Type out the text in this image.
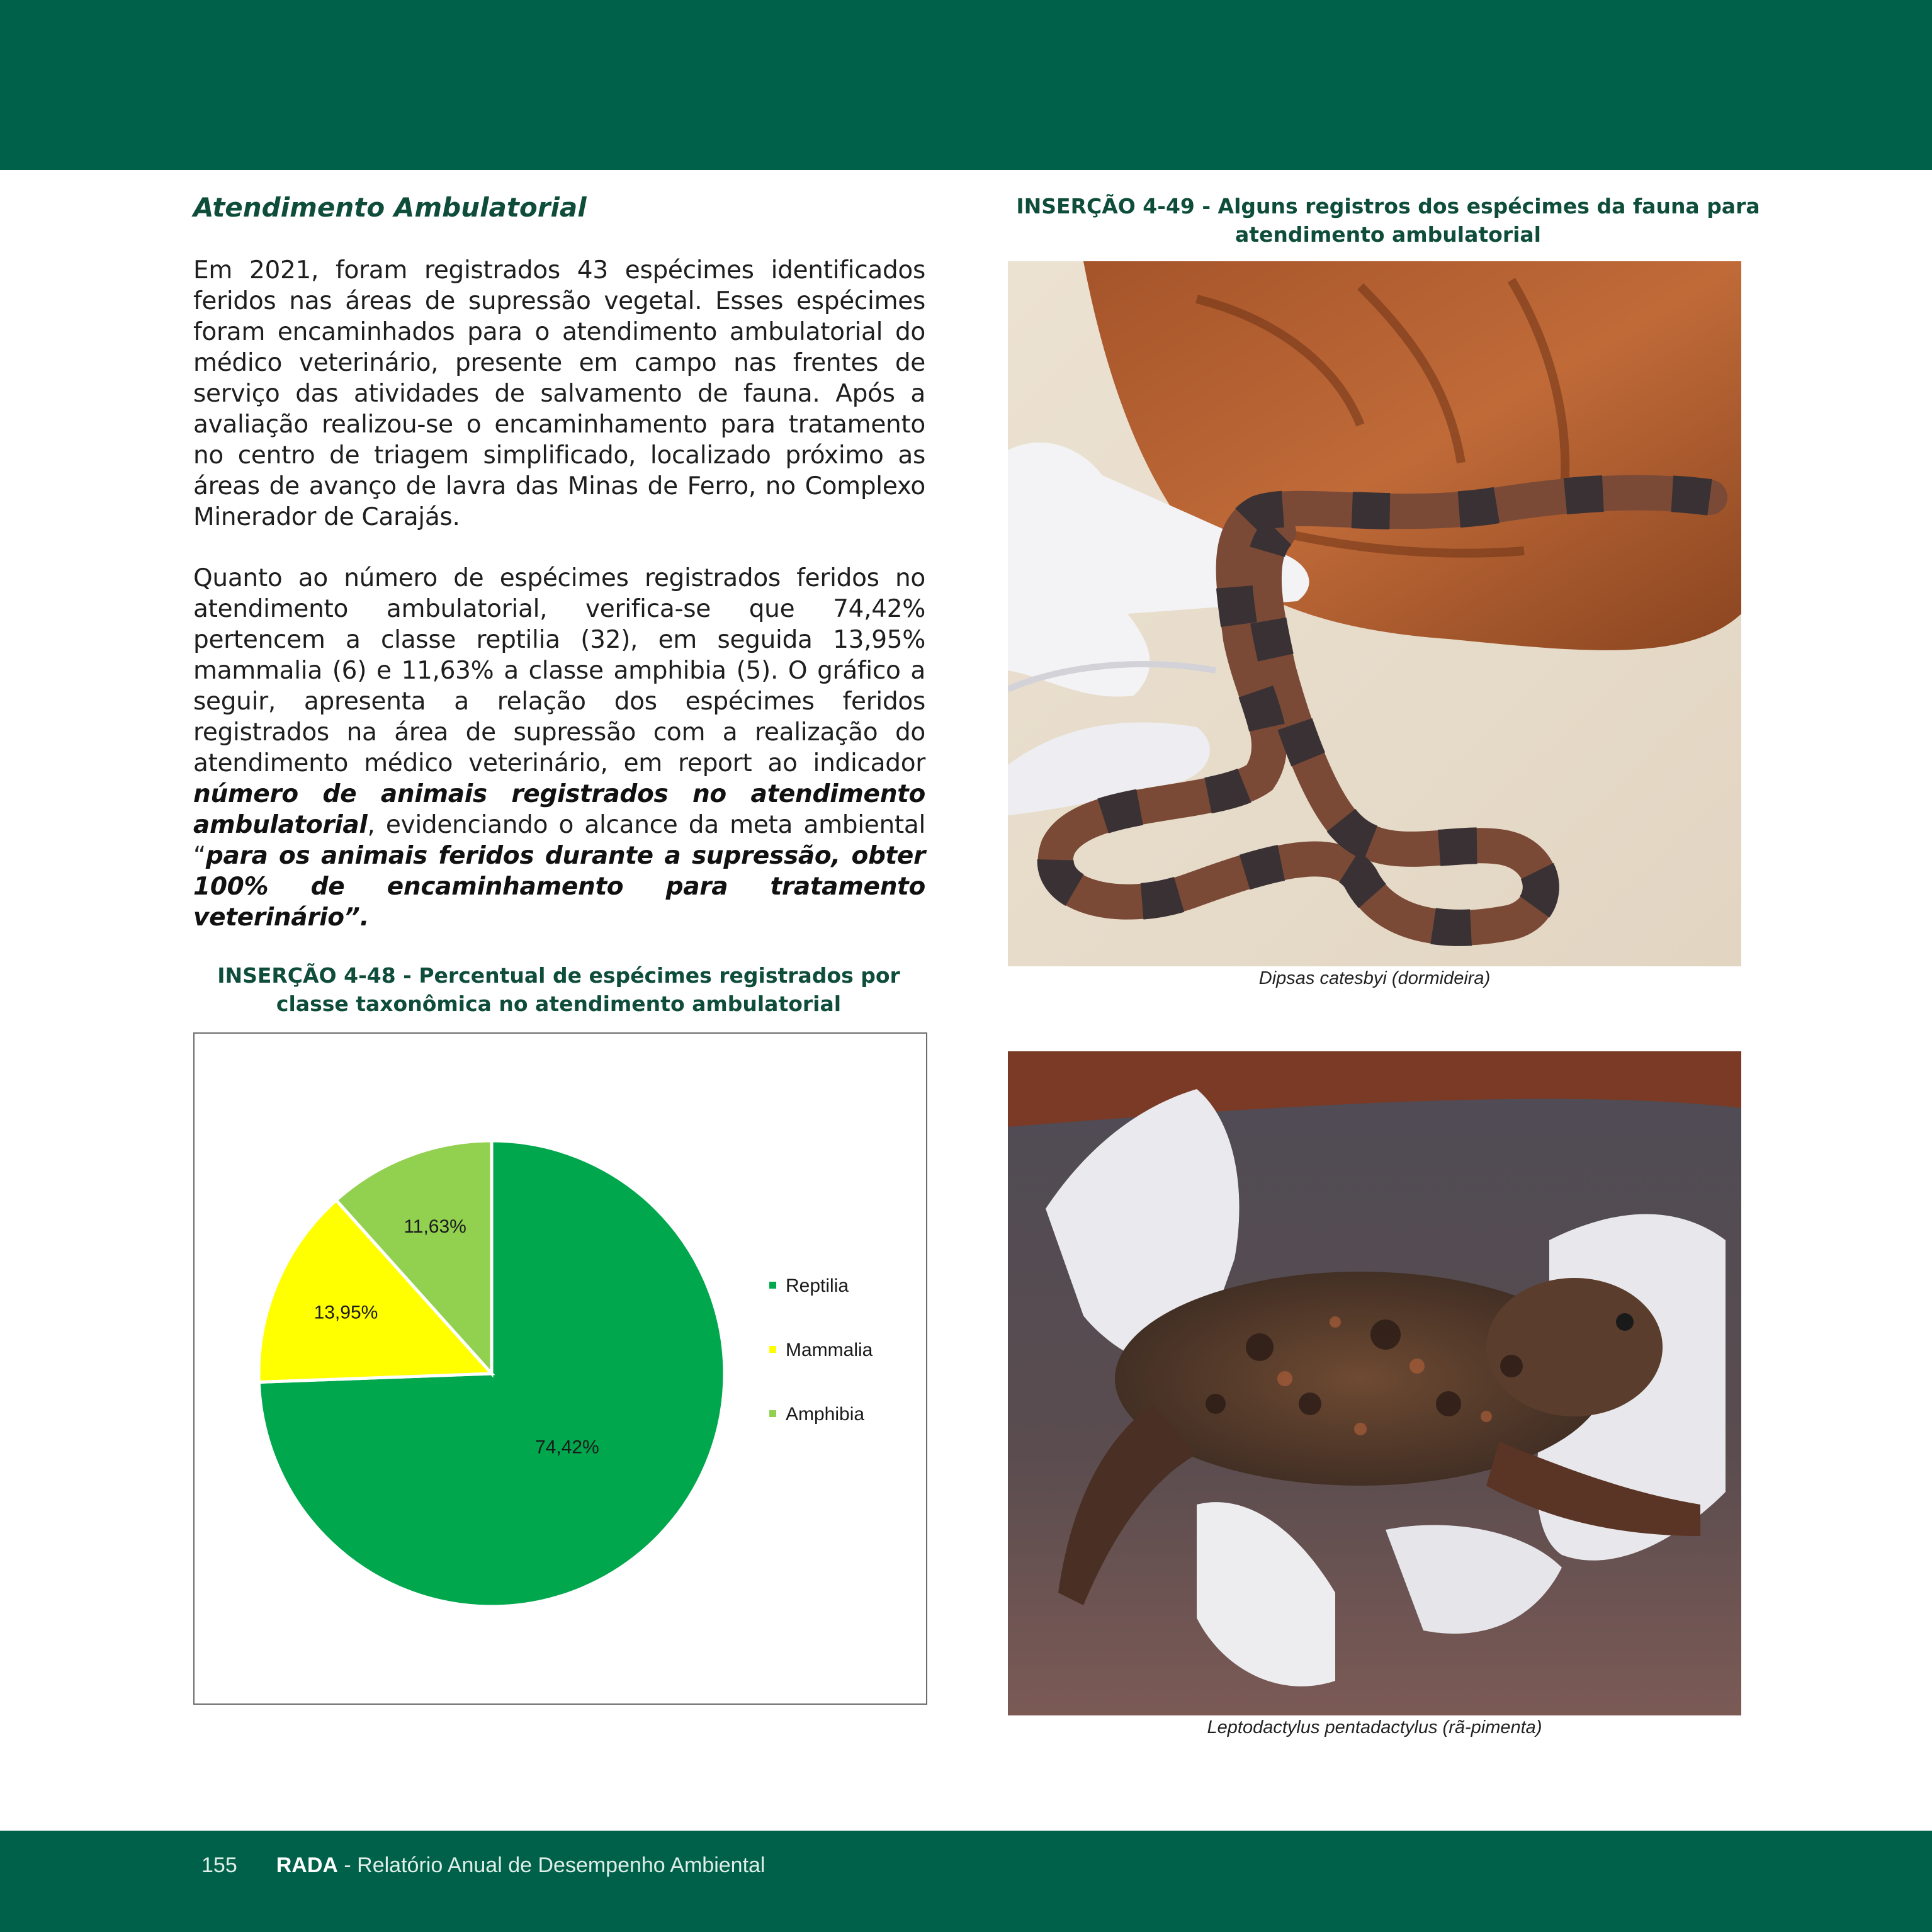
Atendimento Ambulatorial
Em 2021, foram registrados 43 espécimes identificados feridos nas áreas de supressão vegetal. Esses espécimes foram encaminhados para o atendimento ambulatorial do médico veterinário, presente em campo nas frentes de serviço das atividades de salvamento de fauna. Após a avaliação realizou-se o encaminhamento para tratamento no centro de triagem simplificado, localizado próximo as áreas de avanço de lavra das Minas de Ferro, no Complexo Minerador de Carajás.
Quanto ao número de espécimes registrados feridos no atendimento ambulatorial, verifica-se que 74,42% pertencem a classe reptilia (32), em seguida 13,95% mammalia (6) e 11,63% a classe amphibia (5). O gráfico a seguir, apresenta a relação dos espécimes feridos registrados na área de supressão com a realização do atendimento médico veterinário, em report ao indicador número de animais registrados no atendimento ambulatorial, evidenciando o alcance da meta ambiental “para os animais feridos durante a supressão, obter 100% de encaminhamento para tratamento veterinário”.
INSERÇÃO 4-48 - Percentual de espécimes registrados por classe taxonômica no atendimento ambulatorial
74,42%
13,95%
11,63%
Reptilia
Mammalia
Amphibia
INSERÇÃO 4-49 - Alguns registros dos espécimes da fauna para atendimento ambulatorial
Dipsas catesbyi (dormideira)
Leptodactylus pentadactylus (rã-pimenta)
155 RADA - Relatório Anual de Desempenho Ambiental
